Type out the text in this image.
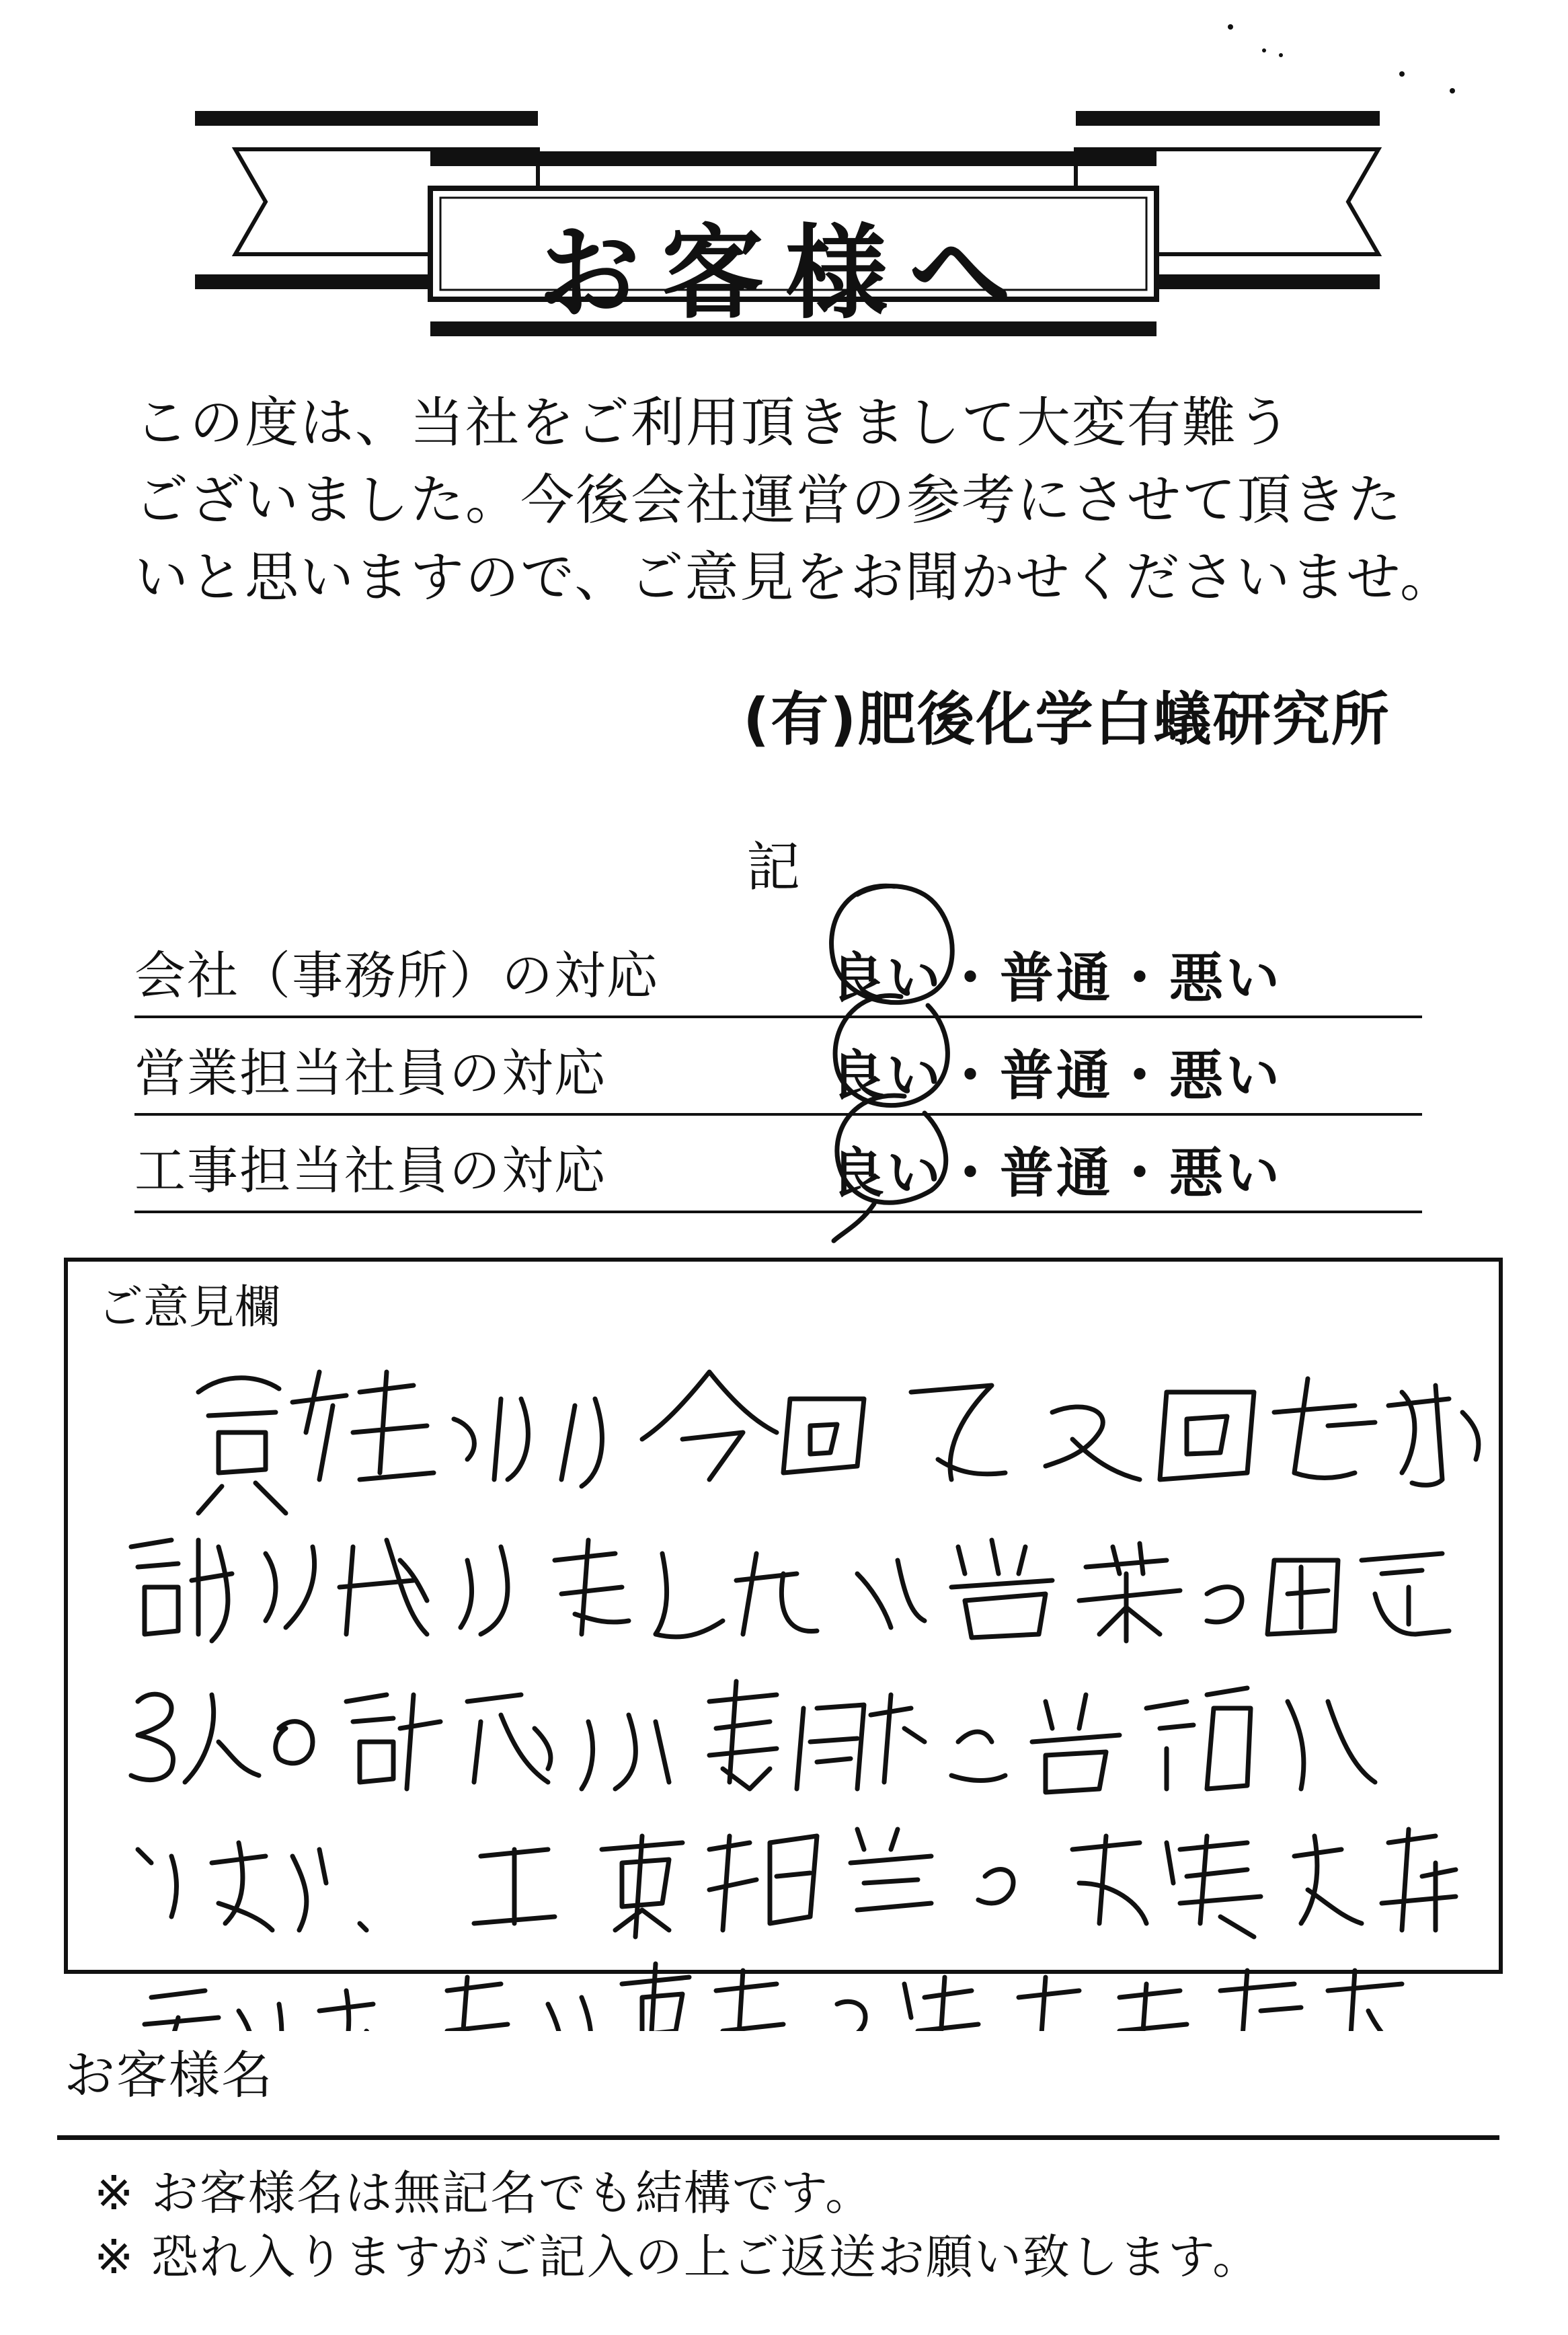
お客様へ
この度は、当社をご利用頂きまして大変有難う
ございました。今後会社運営の参考にさせて頂きた
いと思いますので、ご意見をお聞かせくださいませ。
(有)肥後化学白蟻研究所
記
会社（事務所）の対応	良い・普通・悪い
営業担当社員の対応	良い・普通・悪い
工事担当社員の対応	良い・普通・悪い
ご意見欄
お客様名
※ お客様名は無記名でも結構です。
※ 恐れ入りますがご記入の上ご返送お願い致します。
